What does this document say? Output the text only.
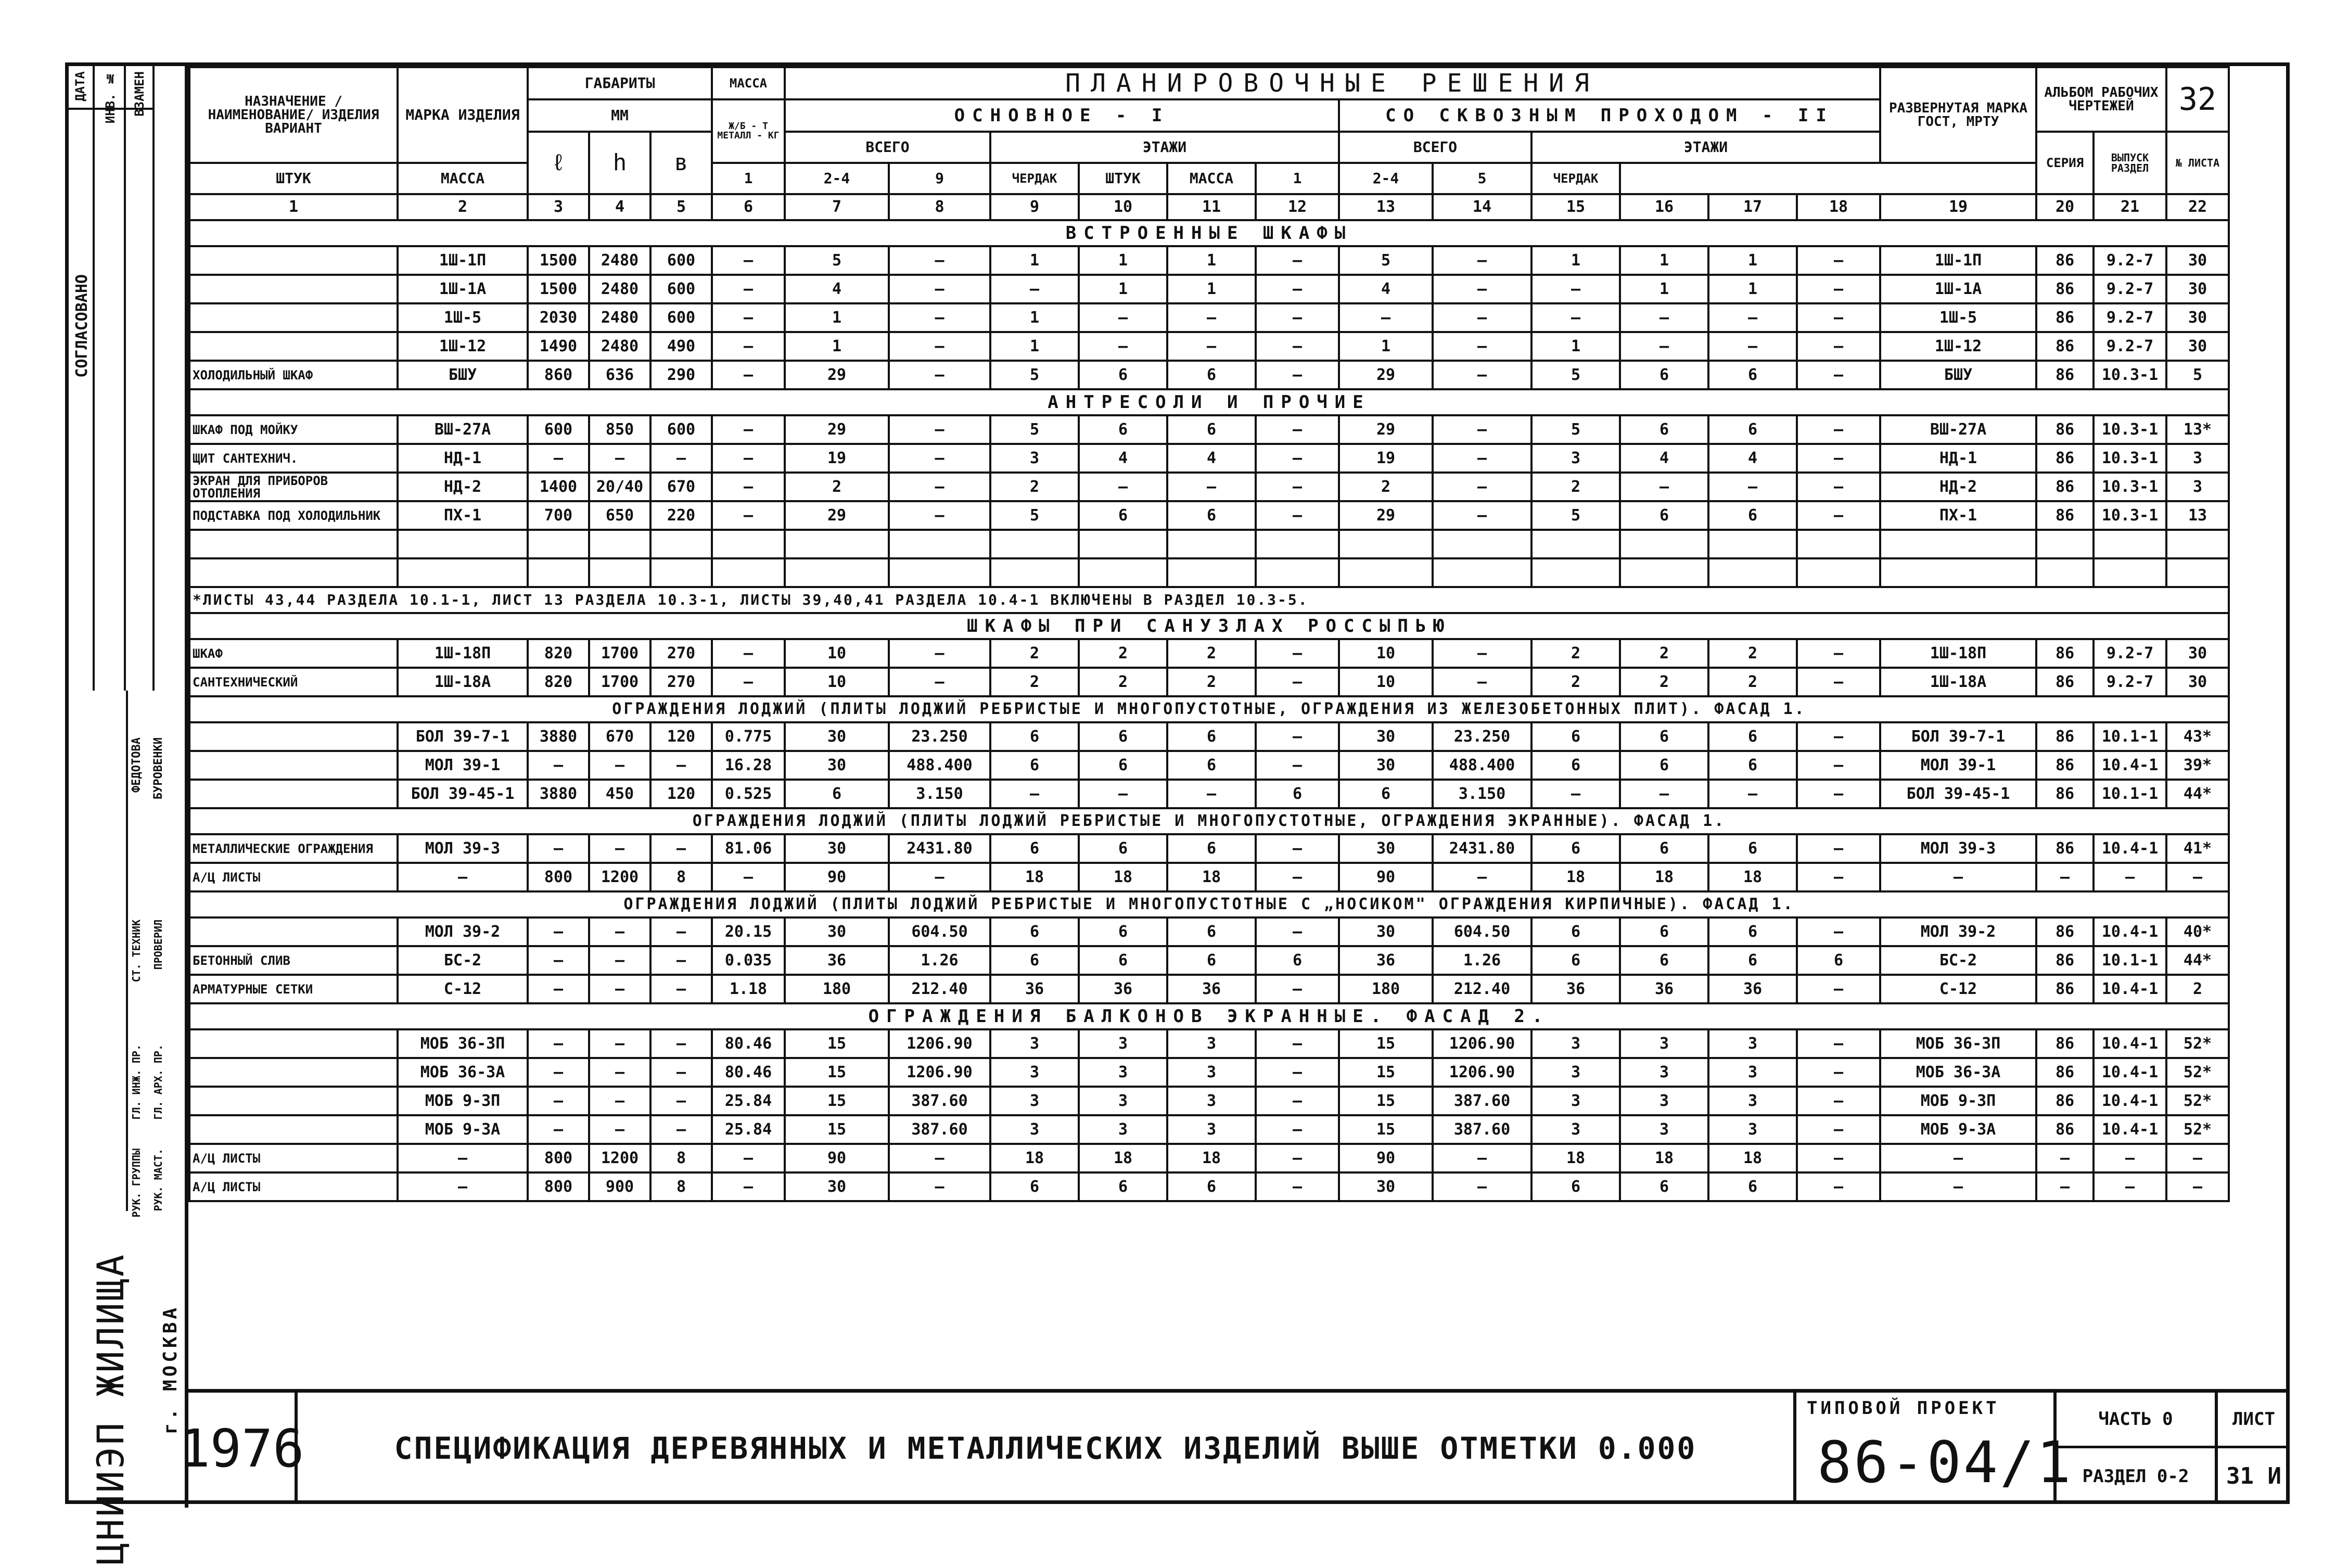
СОГЛАСОВАНО
ДАТА ИНВ. № ВЗАМЕН
ФЕДОТОВА БУРОВЕНКИ
СТ. ТЕХНИК ПРОВЕРИЛ
ГЛ. ИНЖ. ПР. ГЛ. АРХ. ПР.
РУК. ГРУППЫ РУК. МАСТ.
ЦНИИЭП ЖИЛИЩА г. МОСКВА
НАЗНАЧЕНИЕ /НАИМЕНОВАНИЕ/ ИЗДЕЛИЯ ВАРИАНТ	МАРКА ИЗДЕЛИЯ	ГАБАРИТЫ			МАССА	ПЛАНИРОВОЧНЫЕ РЕШЕНИЯ												РАЗВЕРНУТАЯ МАРКА ГОСТ, МРТУ	АЛЬБОМ РАБОЧИХ ЧЕРТЕЖЕЙ		32
		ММ			Ж/Б - Т МЕТАЛЛ - КГ	ОСНОВНОЕ - I						СО СКВОЗНЫМ ПРОХОДОМ - II									
		ℓ	h	в		ВСЕГО		ЭТАЖИ				ВСЕГО		ЭТАЖИ					СЕРИЯ	ВЫПУСК РАЗДЕЛ	№ ЛИСТА
ШТУК	МАССА				1	2-4	9	ЧЕРДАК	ШТУК	МАССА	1	2-4	5	ЧЕРДАК							
1	2	3	4	5	6	7	8	9	10	11	12	13	14	15	16	17	18	19	20	21	22
ВСТРОЕННЫЕ ШКАФЫ																					
	1Ш-1П	1500	2480	600	—	5	—	1	1	1	—	5	—	1	1	1	—	1Ш-1П	86	9.2-7	30
	1Ш-1А	1500	2480	600	—	4	—	—	1	1	—	4	—	—	1	1	—	1Ш-1А	86	9.2-7	30
	1Ш-5	2030	2480	600	—	1	—	1	—	—	—	—	—	—	—	—	—	1Ш-5	86	9.2-7	30
	1Ш-12	1490	2480	490	—	1	—	1	—	—	—	1	—	1	—	—	—	1Ш-12	86	9.2-7	30
ХОЛОДИЛЬНЫЙ ШКАФ	БШУ	860	636	290	—	29	—	5	6	6	—	29	—	5	6	6	—	БШУ	86	10.3-1	5
АНТРЕСОЛИ И ПРОЧИЕ																					
ШКАФ ПОД МОЙКУ	ВШ-27А	600	850	600	—	29	—	5	6	6	—	29	—	5	6	6	—	ВШ-27А	86	10.3-1	13*
ЩИТ САНТЕХНИЧ.	НД-1	—	—	—	—	19	—	3	4	4	—	19	—	3	4	4	—	НД-1	86	10.3-1	3
ЭКРАН ДЛЯ ПРИБОРОВ ОТОПЛЕНИЯ	НД-2	1400	20/40	670	—	2	—	2	—	—	—	2	—	2	—	—	—	НД-2	86	10.3-1	3
ПОДСТАВКА ПОД ХОЛОДИЛЬНИК	ПХ-1	700	650	220	—	29	—	5	6	6	—	29	—	5	6	6	—	ПХ-1	86	10.3-1	13

*ЛИСТЫ 43,44 РАЗДЕЛА 10.1-1, ЛИСТ 13 РАЗДЕЛА 10.3-1, ЛИСТЫ 39,40,41 РАЗДЕЛА 10.4-1 ВКЛЮЧЕНЫ В РАЗДЕЛ 10.3-5.																					
ШКАФЫ ПРИ САНУЗЛАХ РОССЫПЬЮ																					
ШКАФ	1Ш-18П	820	1700	270	—	10	—	2	2	2	—	10	—	2	2	2	—	1Ш-18П	86	9.2-7	30
САНТЕХНИЧЕСКИЙ	1Ш-18А	820	1700	270	—	10	—	2	2	2	—	10	—	2	2	2	—	1Ш-18А	86	9.2-7	30
ОГРАЖДЕНИЯ ЛОДЖИЙ (ПЛИТЫ ЛОДЖИЙ РЕБРИСТЫЕ И МНОГОПУСТОТНЫЕ, ОГРАЖДЕНИЯ ИЗ ЖЕЛЕЗОБЕТОННЫХ ПЛИТ). ФАСАД 1.																					
	БОЛ 39-7-1	3880	670	120	0.775	30	23.250	6	6	6	—	30	23.250	6	6	6	—	БОЛ 39-7-1	86	10.1-1	43*
	МОЛ 39-1	—	—	—	16.28	30	488.400	6	6	6	—	30	488.400	6	6	6	—	МОЛ 39-1	86	10.4-1	39*
	БОЛ 39-45-1	3880	450	120	0.525	6	3.150	—	—	—	6	6	3.150	—	—	—	—	БОЛ 39-45-1	86	10.1-1	44*
ОГРАЖДЕНИЯ ЛОДЖИЙ (ПЛИТЫ ЛОДЖИЙ РЕБРИСТЫЕ И МНОГОПУСТОТНЫЕ, ОГРАЖДЕНИЯ ЭКРАННЫЕ). ФАСАД 1.																					
МЕТАЛЛИЧЕСКИЕ ОГРАЖДЕНИЯ	МОЛ 39-3	—	—	—	81.06	30	2431.80	6	6	6	—	30	2431.80	6	6	6	—	МОЛ 39-3	86	10.4-1	41*
А/Ц ЛИСТЫ	—	800	1200	8	—	90	—	18	18	18	—	90	—	18	18	18	—	—	—	—	—
ОГРАЖДЕНИЯ ЛОДЖИЙ (ПЛИТЫ ЛОДЖИЙ РЕБРИСТЫЕ И МНОГОПУСТОТНЫЕ С „НОСИКОМ" ОГРАЖДЕНИЯ КИРПИЧНЫЕ). ФАСАД 1.																					
	МОЛ 39-2	—	—	—	20.15	30	604.50	6	6	6	—	30	604.50	6	6	6	—	МОЛ 39-2	86	10.4-1	40*
БЕТОННЫЙ СЛИВ	БС-2	—	—	—	0.035	36	1.26	6	6	6	6	36	1.26	6	6	6	6	БС-2	86	10.1-1	44*
АРМАТУРНЫЕ СЕТКИ	С-12	—	—	—	1.18	180	212.40	36	36	36	—	180	212.40	36	36	36	—	С-12	86	10.4-1	2
ОГРАЖДЕНИЯ БАЛКОНОВ ЭКРАННЫЕ. ФАСАД 2.																					
	МОБ 36-3П	—	—	—	80.46	15	1206.90	3	3	3	—	15	1206.90	3	3	3	—	МОБ 36-3П	86	10.4-1	52*
	МОБ 36-3А	—	—	—	80.46	15	1206.90	3	3	3	—	15	1206.90	3	3	3	—	МОБ 36-3А	86	10.4-1	52*
	МОБ 9-3П	—	—	—	25.84	15	387.60	3	3	3	—	15	387.60	3	3	3	—	МОБ 9-3П	86	10.4-1	52*
	МОБ 9-3А	—	—	—	25.84	15	387.60	3	3	3	—	15	387.60	3	3	3	—	МОБ 9-3А	86	10.4-1	52*
А/Ц ЛИСТЫ	—	800	1200	8	—	90	—	18	18	18	—	90	—	18	18	18	—	—	—	—	—
А/Ц ЛИСТЫ	—	800	900	8	—	30	—	6	6	6	—	30	—	6	6	6	—	—	—	—	—
1976	СПЕЦИФИКАЦИЯ ДЕРЕВЯННЫХ И МЕТАЛЛИЧЕСКИХ ИЗДЕЛИЙ ВЫШЕ ОТМЕТКИ 0.000
ТИПОВОЙ ПРОЕКТ
86-04/1
ЧАСТЬ 0
РАЗДЕЛ 0-2
ЛИСТ
31 И
